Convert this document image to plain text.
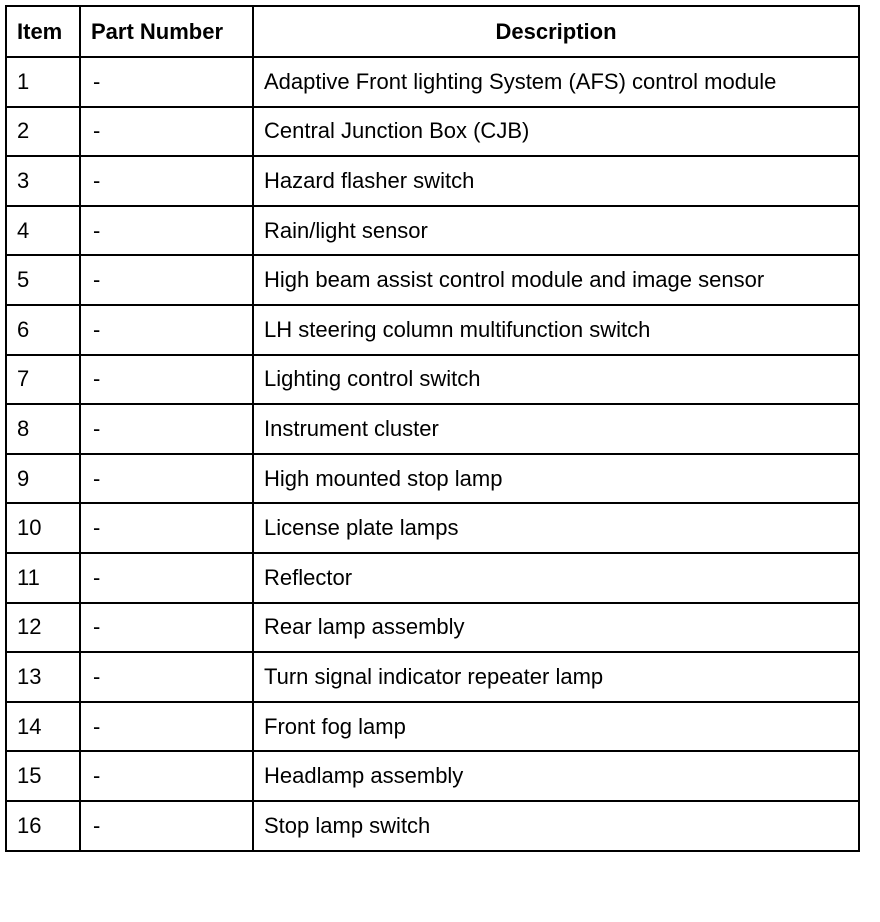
Item	Part Number	Description
1	-	Adaptive Front lighting System (AFS) control module
2	-	Central Junction Box (CJB)
3	-	Hazard flasher switch
4	-	Rain/light sensor
5	-	High beam assist control module and image sensor
6	-	LH steering column multifunction switch
7	-	Lighting control switch
8	-	Instrument cluster
9	-	High mounted stop lamp
10	-	License plate lamps
11	-	Reflector
12	-	Rear lamp assembly
13	-	Turn signal indicator repeater lamp
14	-	Front fog lamp
15	-	Headlamp assembly
16	-	Stop lamp switch
